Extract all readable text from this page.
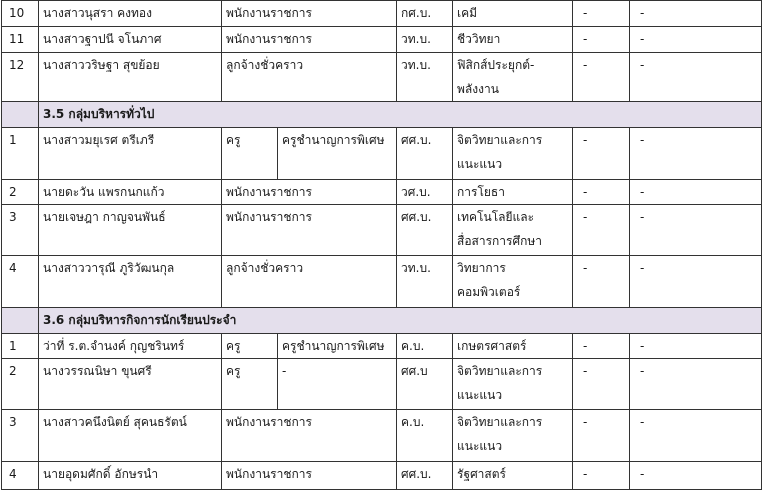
10	นางสาวนุสรา คงทอง	พนักงานราชการ		กศ.บ.	เคมี	-	-
11	นางสาวฐาปนี จโนภาศ	พนักงานราชการ		วท.บ.	ชีววิทยา	-	-
12	นางสาววริษฐา สุขย้อย	ลูกจ้างชั่วคราว		วท.บ.	ฟิสิกส์ประยุกต์-พลังงาน	-	-
	3.5 กลุ่มบริหารทั่วไป						
1	นางสาวมยุเรศ ตรีเภรี	ครู	ครูชำนาญการพิเศษ	ศศ.บ.	จิตวิทยาและการแนะแนว	-	-
2	นายดะวัน แพรกนกแก้ว	พนักงานราชการ		วศ.บ.	การโยธา	-	-
3	นายเจษฎา กาญจนพันธ์	พนักงานราชการ		ศศ.บ.	เทคโนโลยีและสื่อสารการศึกษา	-	-
4	นางสาววารุณี ภูริวัฒนกุล	ลูกจ้างชั่วคราว		วท.บ.	วิทยาการคอมพิวเตอร์	-	-
	3.6 กลุ่มบริหารกิจการนักเรียนประจำ						
1	ว่าที่ ร.ต.จำนงค์ กุญชรินทร์	ครู	ครูชำนาญการพิเศษ	ค.บ.	เกษตรศาสตร์	-	-
2	นางวรรณนิษา ขุนศรี	ครู	-	ศศ.บ	จิตวิทยาและการแนะแนว	-	-
3	นางสาวคนึงนิตย์ สุคนธรัตน์	พนักงานราชการ		ค.บ.	จิตวิทยาและการแนะแนว	-	-
4	นายอุดมศักดิ์ อักษรนำ	พนักงานราชการ		ศศ.บ.	รัฐศาสตร์	-	-
